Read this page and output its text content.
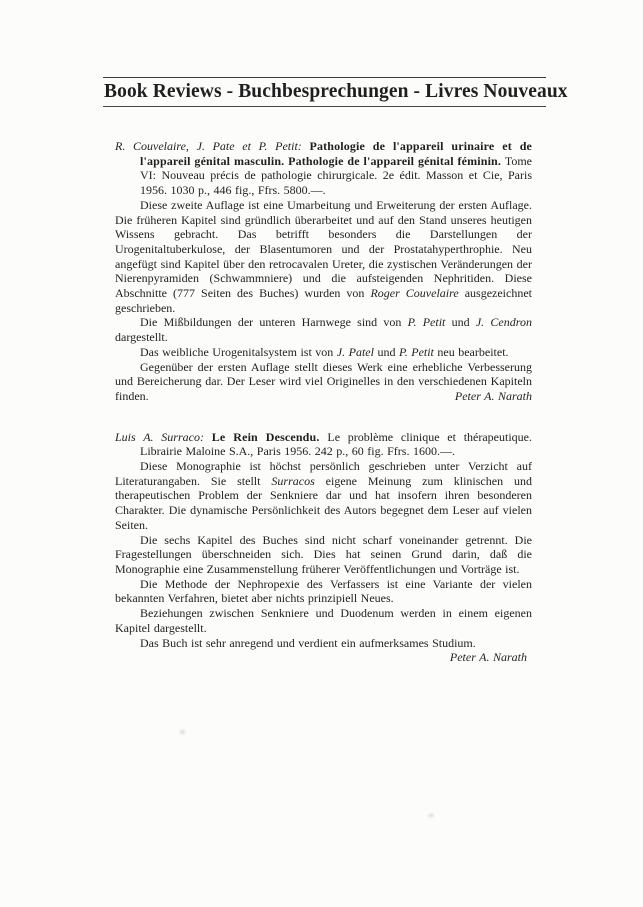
Book Reviews - Buchbesprechungen - Livres Nouveaux

R. Couvelaire, J. Pate et P. Petit: Pathologie de l'appareil urinaire et de l'appareil génital masculin. Pathologie de l'appareil génital féminin. Tome VI: Nouveau précis de pathologie chirurgicale. 2e édit. Masson et Cie, Paris 1956. 1030 p., 446 fig., Ffrs. 5800.—.

Diese zweite Auflage ist eine Umarbeitung und Erweiterung der ersten Auflage. Die früheren Kapitel sind gründlich überarbeitet und auf den Stand unseres heutigen Wissens gebracht. Das betrifft besonders die Darstellungen der Urogenitaltuberkulose, der Blasentumoren und der Prostatahyperthrophie. Neu angefügt sind Kapitel über den retrocavalen Ureter, die zystischen Veränderungen der Nierenpyramiden (Schwammniere) und die aufsteigenden Nephritiden. Diese Abschnitte (777 Seiten des Buches) wurden von Roger Couvelaire ausgezeichnet geschrieben.

Die Mißbildungen der unteren Harnwege sind von P. Petit und J. Cendron dargestellt.

Das weibliche Urogenitalsystem ist von J. Patel und P. Petit neu bearbeitet.

Gegenüber der ersten Auflage stellt dieses Werk eine erhebliche Verbesserung und Bereicherung dar. Der Leser wird viel Originelles in den verschiedenen Kapiteln finden.	Peter A. Narath

Luis A. Surraco: Le Rein Descendu. Le problème clinique et thérapeutique. Librairie Maloine S.A., Paris 1956. 242 p., 60 fig. Ffrs. 1600.—.

Diese Monographie ist höchst persönlich geschrieben unter Verzicht auf Literaturangaben. Sie stellt Surracos eigene Meinung zum klinischen und therapeutischen Problem der Senkniere dar und hat insofern ihren besonderen Charakter. Die dynamische Persönlichkeit des Autors begegnet dem Leser auf vielen Seiten.

Die sechs Kapitel des Buches sind nicht scharf voneinander getrennt. Die Fragestellungen überschneiden sich. Dies hat seinen Grund darin, daß die Monographie eine Zusammenstellung früherer Veröffentlichungen und Vorträge ist.

Die Methode der Nephropexie des Verfassers ist eine Variante der vielen bekannten Verfahren, bietet aber nichts prinzipiell Neues.

Beziehungen zwischen Senkniere und Duodenum werden in einem eigenen Kapitel dargestellt.

Das Buch ist sehr anregend und verdient ein aufmerksames Studium.

Peter A. Narath
